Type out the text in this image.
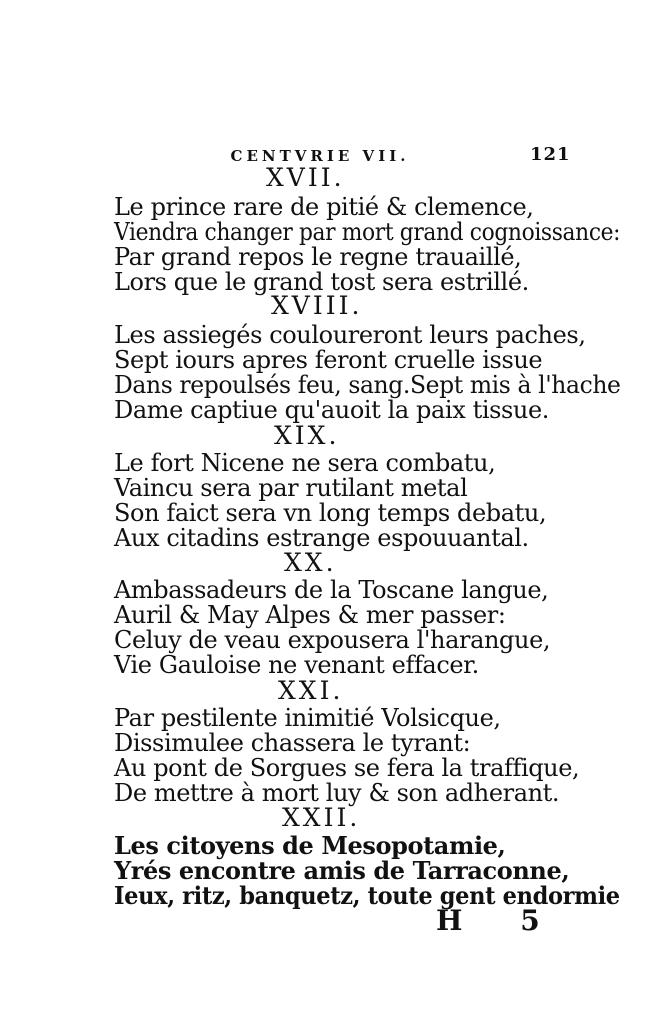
CENTVRIE VII.	121
XVII.
Le prince rare de pitié & clemence,
Viendra changer par mort grand cognoissance:
Par grand repos le regne trauaillé,
Lors que le grand tost sera estrillé.
XVIII.
Les assiegés couloureront leurs paches,
Sept iours apres feront cruelle issue
Dans repoulsés feu, sang.Sept mis à l'hache
Dame captiue qu'auoit la paix tissue.
XIX.
Le fort Nicene ne sera combatu,
Vaincu sera par rutilant metal
Son faict sera vn long temps debatu,
Aux citadins estrange espouuantal.
XX.
Ambassadeurs de la Toscane langue,
Auril & May Alpes & mer passer:
Celuy de veau expousera l'harangue,
Vie Gauloise ne venant effacer.
XXI.
Par pestilente inimitié Volsicque,
Dissimulee chassera le tyrant:
Au pont de Sorgues se fera la traffique,
De mettre à mort luy & son adherant.
XXII.
Les citoyens de Mesopotamie,
Yrés encontre amis de Tarraconne,
Ieux, ritz, banquetz, toute gent endormie
H 5
